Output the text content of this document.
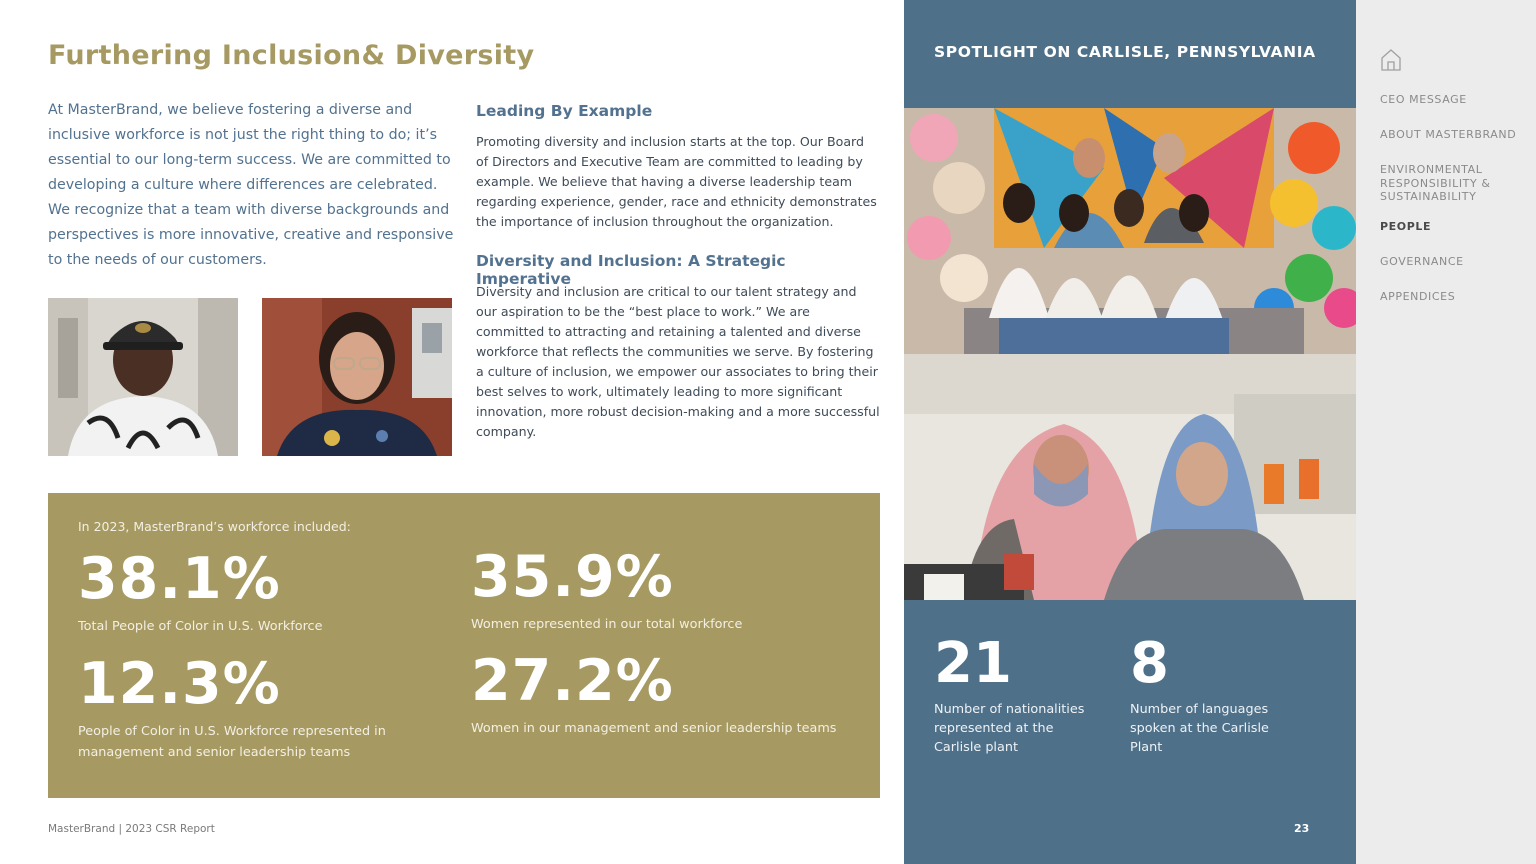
Furthering Inclusion& Diversity
At MasterBrand, we believe fostering a diverse and inclusive workforce is not just the right thing to do; it’s essential to our long-term success. We are committed to developing a culture where differences are celebrated. We recognize that a team with diverse backgrounds and perspectives is more innovative, creative and responsive to the needs of our customers.
Leading By Example
Promoting diversity and inclusion starts at the top. Our Board of Directors and Executive Team are committed to leading by example. We believe that having a diverse leadership team regarding experience, gender, race and ethnicity demonstrates the importance of inclusion throughout the organization.
Diversity and Inclusion: A Strategic Imperative
Diversity and inclusion are critical to our talent strategy and our aspiration to be the “best place to work.” We are committed to attracting and retaining a talented and diverse workforce that reflects the communities we serve. By fostering a culture of inclusion, we empower our associates to bring their best selves to work, ultimately leading to more significant innovation, more robust decision-making and a more successful company.
In 2023, MasterBrand’s workforce included:
38.1%
Total People of Color in U.S. Workforce
35.9%
Women represented in our total workforce
12.3%
People of Color in U.S. Workforce represented in management and senior leadership teams
27.2%
Women in our management and senior leadership teams
MasterBrand | 2023 CSR Report
SPOTLIGHT ON CARLISLE, PENNSYLVANIA
21
Number of nationalities represented at the Carlisle plant
8
Number of languages spoken at the Carlisle Plant
23
CEO MESSAGE
ABOUT MASTERBRAND
ENVIRONMENTAL RESPONSIBILITY & SUSTAINABILITY
PEOPLE
GOVERNANCE
APPENDICES
